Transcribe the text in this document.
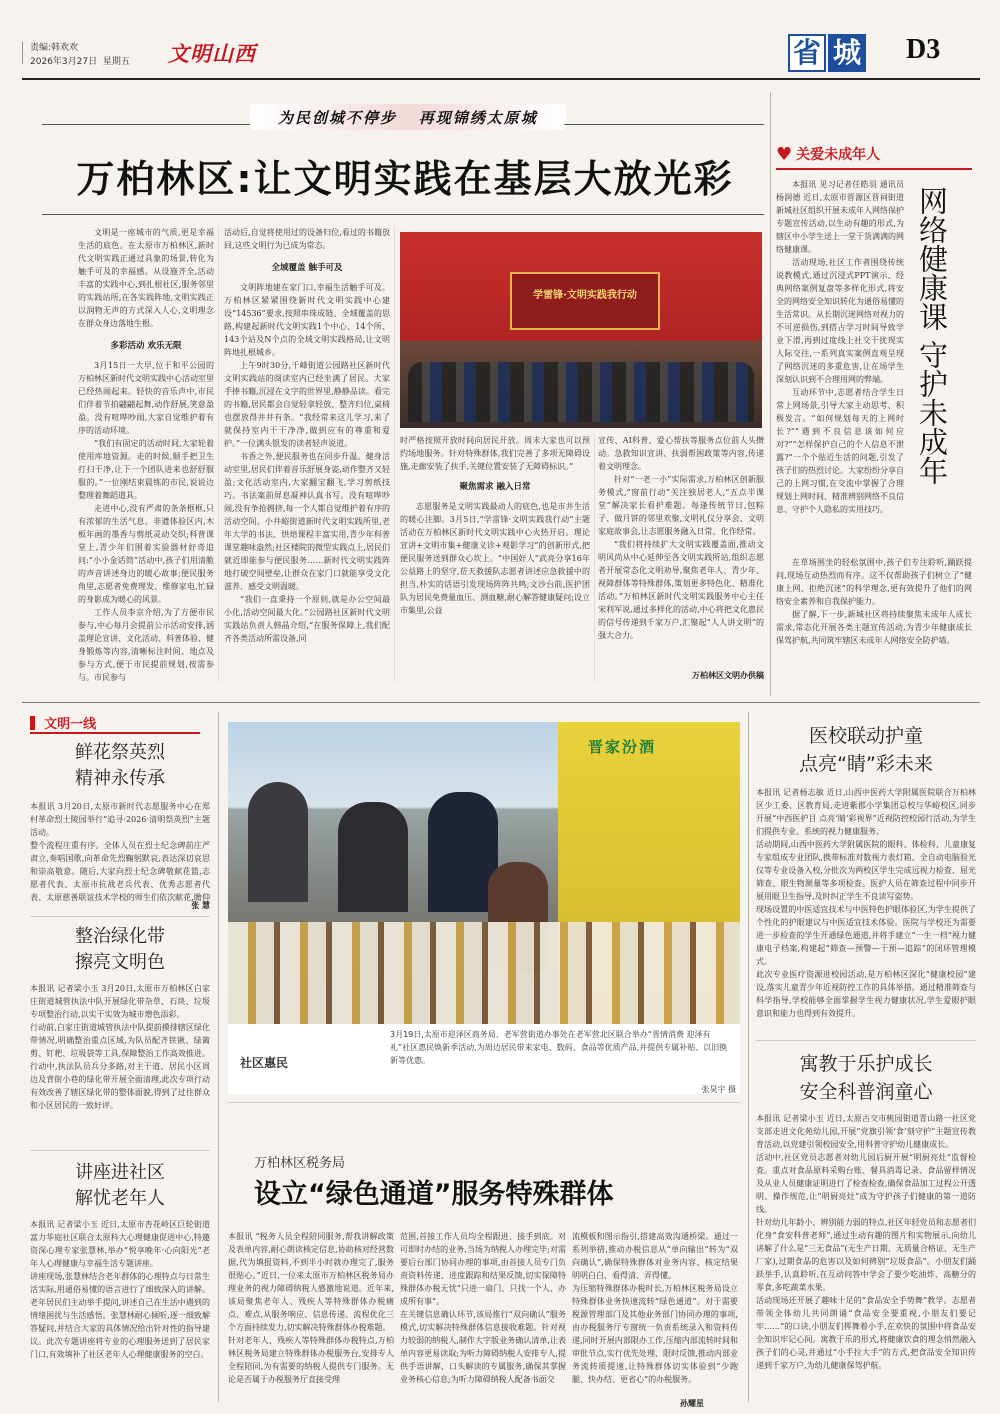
责编:韩欢欢
2026年3月27日 星期五 文明山西	省 城 D3
为民创城不停步 再现锦绣太原城
万柏林区:让文明实践在基层大放光彩

文明是一座城市的气质,更是幸福生活的底色。在太原市万柏林区,新时代文明实践正通过具象的场景,转化为触手可及的幸福感。从设施齐全,活动丰富的实践中心,到扎根社区,服务邻里的实践站所,在各实践阵地,文明实践正以润物无声的方式深入人心,文明理念在群众身边落地生根。

多彩活动 欢乐无限

3月15日一大早,位于和平公园的万柏林区新时代文明实践中心活动室里已经热闹起来。轻快的音乐声中,市民们伴着节拍翩翩起舞,动作舒展,笑意盈盈。没有喧哗吵闹,大家自觉维护着有序的活动环境。

“我们有固定的活动时间,大家轮着使用库地资源。走的时候,顺手把卫生打扫干净,让下一个团队进来也舒舒服服的。”一位刚结束晨练的市民,说说边整理着舞蹈道具。

走进中心,没有严肃的条条框框,只有浓郁的生活气息。非遗体验区内,木板年画的墨香与剪纸灵动交织;科普课堂上,青少年们围着实验器材好奇追问:“小小金话筒”活动中,孩子们用清脆的声音讲述身边的暖心故事;便民服务角里,志愿者免费理发、维修家电,忙碌的身影成为暖心的风景。

工作人员李京介绍,为了方便市民参与,中心每月会提前公示活动安排,涵盖理论宣讲、文化活动、科普体验、健身锻炼等内容,清晰标注时间、地点及参与方式,便于市民提前规划,按需参与。市民参与

活动后,自觉将使用过的设备归位,看过的书籍放回,这些文明行为已成为常态。

全域覆盖 触手可及

文明阵地建在家门口,幸福生活触手可及。万柏林区紧紧围绕新时代文明实践中心建设“14536”要求,按照串珠成链、全域覆盖的思路,构建起新时代文明实践1个中心、14个所、143个站及N个点的全域文明实践格局,让文明阵地扎根城乡。

上午9时30分,千峰街道公园路社区新时代文明实践站的阅读室内已经坐满了居民。大家手捧书籍,沉浸在文字的世界里,静静品读。看完的书籍,居民都会自觉轻拿轻放、整齐归位,桌椅也摆放得井井有条。“我经常来这儿学习,来了就保持室内干干净净,做到应有的尊重和爱护。”一位满头银发的读者轻声说道。

书香之外,便民服务也在同步升温。健身活动室里,居民们伴着音乐舒展身姿,动作整齐又轻盈;文化活动室内,大家翻宝翻飞,学习剪纸技巧。书法案前屏息凝神认真书写。没有喧哗吵闹,没有争抢拥挤,每一个人都自觉维护着有序的活动空间。小井峪街道新时代文明实践所里,老年大学的书法、烘焙课程丰富实用,青少年科普课堂趣味盎然;社区楼院的微型实践点上,居民们就近即能参与便民服务……新时代文明实践阵地打破空间壁垒,让群众在家门口就能享受文化滋养、感受文明温暖。

“我们一直秉持一个原则,就是办公空间最小化,活动空间最大化。”公园路社区新时代文明实践站负责人韩晶介绍,“在服务保障上,我们配齐各类活动所需设备,同

学雷锋·文明实践我行动

时严格按照开放时间向居民开放。周末大家也可以预约场地服务。针对特殊群体,我们完善了多项无障碍设施,走廊安装了扶手,关键位置安装了无障碍标识。”

聚焦需求 融入日常

志愿服务是文明实践最动人的底色,也是市井生活的暖心注脚。3月5日,“学雷锋·文明实践我行动”主题活动在万柏林区新时代文明实践中心火热开启。理论宣讲+文明市集+健康义诊+观影学习”的创新形式,把便民服务送到群众心坎上。“中国好人”武亮分享16年公益路上的坚守,莅天救援队志愿者讲述应急救援中的担当,朴实的话语引发现场阵阵共鸣;文沙台前,医护团队为居民免费量血压、测血糖,耐心解答健康疑问;设立市集里,公益

宣传、AI科普、爱心帮扶等服务点位前人头攒动。急救知识宣讲、扶弱帮困政策等内容,传递着文明理念。

针对“一老一小”实际需求,万柏林区创新服务模式,“窗前行动”关注独居老人,“五点半课堂”解决家长看护难题。每逢传统节日,包粽子、做月饼的邻里欢聚,文明礼仪分享会、文明家庭故事会,让志愿服务融入日常、化作经常。

“我们将持续扩大文明实践覆盖面,推动文明风尚从中心延伸至各文明实践所站,组织志愿者开展常态化文明劝导,聚焦老年人、青少年、视障群体等特殊群体,策划更多特色化、精准化活动。”万柏林区新时代文明实践服务中心主任宋利军说,通过多样化的活动,中心将把文化惠民的信号传递到千家万户,汇聚起“人人讲文明”的强大合力。

万柏林区文明办供稿
♥ 关爱未成年人

本报讯 见习记者任皓羽 通讯员杨润德 近日,太原市晋源区晋祠街道新城社区组织开展未成年人网络保护专题宣传活动,以生动有趣的形式,为辖区中小学生送上一堂干货满满的网络健康课。

活动现场,社区工作者围绕传统说教模式,通过沉浸式PPT演示、经典网络案例复盘等多样化形式,将安全的网络安全知识转化为通俗易懂的生活常识。从长期沉迷网络对视力的不可逆损伤,到搭占学习时间导致学业下滑,再到过度线上社交干扰现实人际交往,一系列真实案例直观呈现了网络沉迷的多重危害,让在场学生深刻认识到不合理用网的弊端。

互动环节中,志愿者结合学生日常上网场景,引导大家主动思考、积极发言。“如何规划每天的上网时长?”“遇到不良信息该如何应对?”“怎样保护自己的个人信息不泄露?”一个个贴近生活的问题,引发了孩子们的热烈讨论。大家纷纷分享自己的上网习惯,在交流中掌握了合理规划上网时间、精准辨别网络不良信息、守护个人隐私的实用技巧。

网络健康课 守护未成年

在草场围坐的轻松氛围中,孩子们专注聆听,踊跃提问,现场互动热烈而有序。这不仅帮助孩子们树立了“健康上网、拒绝沉迷”的科学理念,更有效提升了他们的网络安全素养和自我保护能力。

据了解,下一步,新城社区将持续聚焦未成年人成长需求,常态化开展各类主题宣传活动,为青少年健康成长保驾护航,共同筑牢辖区未成年人网络安全防护墙。

文明一线
鲜花祭英烈
精神永传承
本报讯 3月20日,太原市新时代志愿服务中心在郑村革命烈士陵园举行“追寻·2026·清明祭英烈”主题活动。
整个流程庄重有序。全体人员在烈士纪念碑前庄严肃立,奏唱国歌,向革命先烈鞠躬默哀,表达深切哀思和崇高敬意。随后,大家向烈士纪念碑敬献花篮,志愿者代表、太原市抗战老兵代表、优秀志愿者代表、太原慈善联谊技术学校的师生们依次献花,瞻仰
张 慧
整治绿化带
擦亮文明色
本报讯 记者梁小玉 3月20日,太原市万柏林区白家庄街道城管执法中队开展绿化带杂草、石块、垃圾专项整治行动,以实干实效为城市增色添彩。
行动前,白家庄街道城管执法中队提前摸排辖区绿化带情况,明确整治重点区域,为队员配齐铁锹、绿篱剪、钉耙、垃圾袋等工具,保障整治工作高效推进。行动中,执法队员兵分多路,对主干道、居民小区周边及背街小巷的绿化带开展全面清理,此次专项行动有效改善了辖区绿化带的整体面貌,得到了过往群众和小区居民的一致好评。
讲座进社区
解忧老年人
本报讯 记者梁小玉 近日,太原市杏花岭区巨轮街道富力华庭社区联合太原科大心理健康促进中心,特邀资深心理专家张慧林,举办“悦享晚年·心向阳光”老年人心理健康与幸福生活专题讲座。
讲座现场,张慧林结合老年群体的心理特点与日常生活实际,用通俗易懂的语言进行了细致深入的讲解。老年居民们主动举手提问,讲述自己在生活中遇到的情绪困扰与生活感悟。张慧林耐心倾听,逐一细致解答疑问,并结合大家的具体情况给出针对性的指导建议。此次专题讲座将专业的心理服务送到了居民家门口,有效填补了社区老年人心理健康服务的空白。
晋家汾酒
社区惠民
3月19日,太原市迎泽区商务局、老军营街道办事处在老军营北区联合举办“晋情消费 迎泽有礼”社区惠民焕新季活动,为周边居民带来家电、数码、食品等优质产品,并提供专属补贴、以旧换新等优惠。
张昊宇 摄
万柏林区税务局
设立“绿色通道”服务特殊群体
本报讯 “税务人员全程陪同服务,帮我讲解政策及表单内容,耐心朗读核定信息,协助核对经营数据,代为填报资料,不到半小时就办理完了,服务很贴心。”近日,一位来太原市万柏林区税务局办理业务的视力障碍纳税人感激地说道。近年来,该局聚焦老年人、残疾人等特殊群体办税痛点、难点,从服务响应、信息传递、流程优化三个方面持续发力,切实解决特殊群体办税难题。
针对老年人、残疾人等特殊群体办税特点,万柏林区税务局建立特殊群体办税服务台,安排专人全程陪同,为有需要的纳税人提供专门服务。无论是否属于办税服务厅直接受理
范围,首接工作人员均全程跟进、接手到底。对可即时办结的业务,当场为纳税人办理完毕;对需要后台部门协同办理的事项,由首接人员专门负责资料传递、进度跟踪和结果反馈,切实保障特殊群体办税无忧“只进一扇门、只找一个人、办成所有事”。
在关键信息确认环节,该局推行“双向确认”服务模式,切实解决特殊群体信息接收难题。针对视力较弱的纳税人,制作大字版业务确认清单,让表单内容更易读取;为听力障碍纳税人安排专人,提供手语讲解、口头解读的专属服务,确保其掌握业务核心信息;为听力障碍纳税人配备书面交
流模板和图示指引,搭建高效沟通桥梁。通过一系列举措,推动办税信息从“单向输出”转为“双向确认”,确保特殊群体对业务内容、核定结果明明白白、看得清、弄得懂。
为压缩特殊群体办税时长,万柏林区税务局设立特殊群体业务快速流转“绿色通道”。对于需要税源管理部门及其他业务部门协同办理的事项,由办税服务厅专窗统一负责系统录入和资料传递,同时开展内部限办工作,压缩内部流转时间和审批节点,实行优先处理、限时反馈,推动内部业务流转质提速,让特殊群体切实体验到“少跑腿、快办结、更省心”的办税服务。
孙耀星
医校联动护童
点亮“睛”彩未来
本报讯 记者杨志敏 近日,山西中医药大学附属医院联合万柏林区少工委、区教育局,走进紫郡小学集团总校与华峪校区,同步开展“中西医护目 点亮‘睛’彩视界”近视防控校园行活动,为学生们提供专业、系统的视力健康服务。
活动期间,山西中医药大学附属医院的眼科、体检科、儿童康复专家组成专业团队,携带标准对数视力表灯箱、全自动电脑验光仪等专业设备入校,分批次为两校区学生完成远视力检查、屈光筛查、眼生物测量等多项检查。医护人员在筛查过程中同步开展用眼卫生指导,及时纠正学生不良读写姿势。
现场设置的中医适宜技术与中医特色护眼体验区,为学生提供了个性化的护眼建议与中医适宜技术体验。医院与学校还为需要进一步检查的学生开通绿色通道,并将手建立“一生一档”视力健康电子档案,构建起“筛查—预警—干预—追踪”的闭环管理模式。
此次专业医疗资源进校园活动,是万柏林区深化“健康校园”建设,落实儿童青少年近视防控工作的具体举措。通过精准筛查与科学指导,学校能够全面掌握学生视力健康状况,学生爱眼护眼意识和能力也得到有效提升。
寓教于乐护成长
安全科普润童心
本报讯 记者梁小玉 近日,太原古交市桃园街道青山路一社区党支部走进文化苑幼儿园,开展“党旗引领‘食’刻守护”主题宣传教育活动,以党建引领校园安全,用科普守护幼儿健康成长。
活动中,社区党员志愿者对幼儿园后厨开展“明厨亮灶”监督检查。重点对食品原料采购台账、餐具消毒记录、食品留样情况及从业人员健康证明进行了检查检查,确保食品加工过程公开透明、操作规范,让“明厨亮灶”成为守护孩子们健康的第一道防线。
针对幼儿年龄小、辨别能力弱的特点,社区年轻党员和志愿者们化身“食安科普老师”,通过生动有趣的图片和实物展示,向幼儿讲解了什么是“三无食品”(无生产日期、无质量合格证、无生产厂家),过期食品的危害以及如何辨别“垃圾食品”。小朋友们踊跃举手,认真聆听,在互动问答中学会了要少吃油炸、高糖分的零食,多吃蔬菜水果。
活动现场还开展了趣味十足的“食品安全手势舞”教学。志愿者带领全体幼儿共同朗诵“食品安全要重视,小朋友们要记牢……”的口诀,小朋友们挥舞着小手,在欢快的氛围中将食品安全知识牢记心间。寓教于乐的形式,将健康饮食的理念悄然融入孩子们的心灵,并通过“小手拉大手”的方式,把食品安全知识传递到千家万户,为幼儿健康保驾护航。
